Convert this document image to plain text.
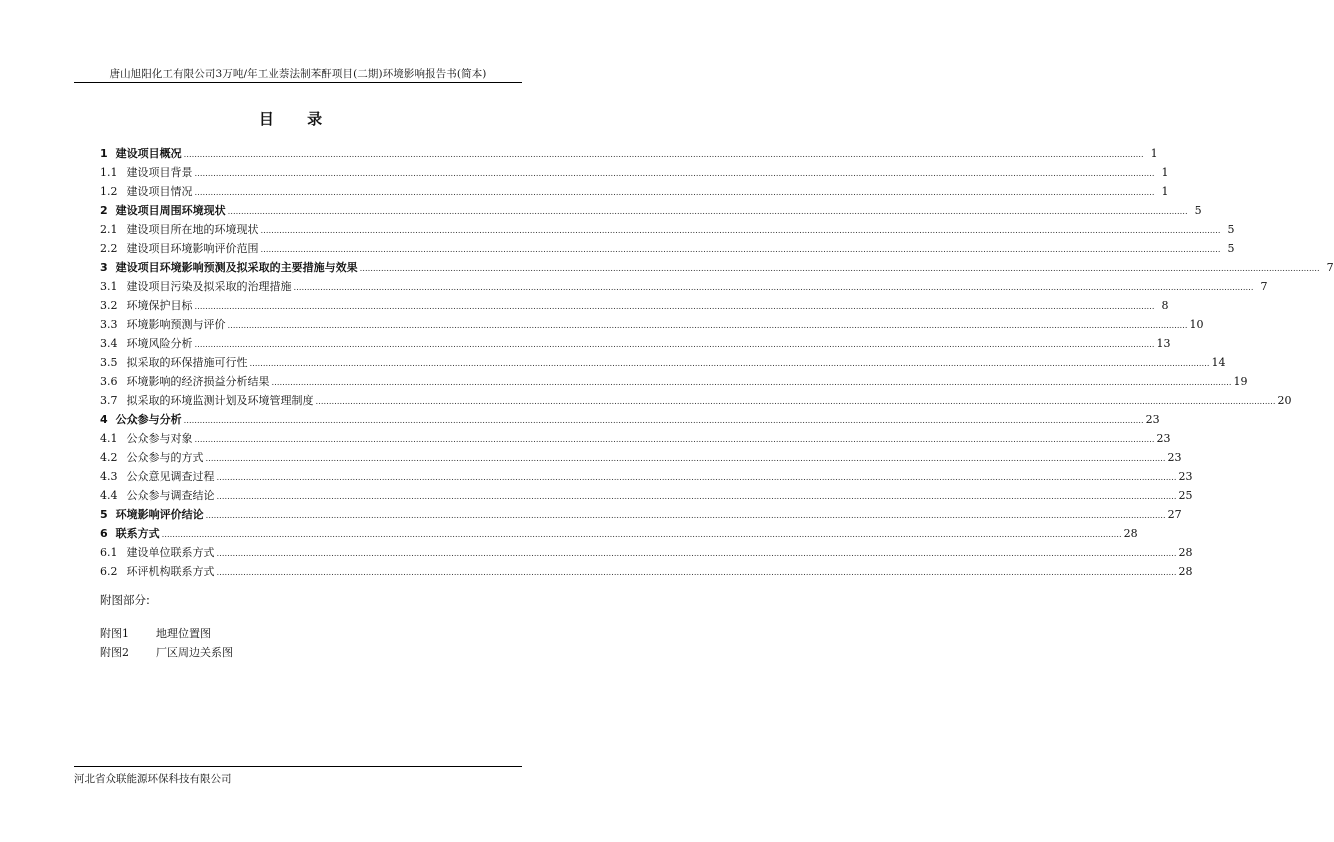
唐山旭阳化工有限公司3万吨/年工业萘法制苯酐项目(二期)环境影响报告书(简本)
目 录
1 建设项目概况 ……………………………………………………………………………………………………………………………………………………………………………………………………………………………………………………………………………………………………………………………… 1
1.1 建设项目背景 ……………………………………………………………………………………………………………………………………………………………………………………………………………………………………………………………………………………………………………………………… 1
1.2 建设项目情况 ……………………………………………………………………………………………………………………………………………………………………………………………………………………………………………………………………………………………………………………………… 1
2 建设项目周围环境现状 ……………………………………………………………………………………………………………………………………………………………………………………………………………………………………………………………………………………………………………………………… 5
2.1 建设项目所在地的环境现状 ……………………………………………………………………………………………………………………………………………………………………………………………………………………………………………………………………………………………………………………………… 5
2.2 建设项目环境影响评价范围 ……………………………………………………………………………………………………………………………………………………………………………………………………………………………………………………………………………………………………………………………… 5
3 建设项目环境影响预测及拟采取的主要措施与效果 ……………………………………………………………………………………………………………………………………………………………………………………………………………………………………………………………………………………………………………………………… 7
3.1 建设项目污染及拟采取的治理措施 ……………………………………………………………………………………………………………………………………………………………………………………………………………………………………………………………………………………………………………………………… 7
3.2 环境保护目标 ……………………………………………………………………………………………………………………………………………………………………………………………………………………………………………………………………………………………………………………………… 8
3.3 环境影响预测与评价 ……………………………………………………………………………………………………………………………………………………………………………………………………………………………………………………………………………………………………………………………… 10
3.4 环境风险分析 ……………………………………………………………………………………………………………………………………………………………………………………………………………………………………………………………………………………………………………………………… 13
3.5 拟采取的环保措施可行性 ……………………………………………………………………………………………………………………………………………………………………………………………………………………………………………………………………………………………………………………………… 14
3.6 环境影响的经济损益分析结果 ……………………………………………………………………………………………………………………………………………………………………………………………………………………………………………………………………………………………………………………………… 19
3.7 拟采取的环境监测计划及环境管理制度 ……………………………………………………………………………………………………………………………………………………………………………………………………………………………………………………………………………………………………………………………… 20
4 公众参与分析 ……………………………………………………………………………………………………………………………………………………………………………………………………………………………………………………………………………………………………………………………… 23
4.1 公众参与对象 ……………………………………………………………………………………………………………………………………………………………………………………………………………………………………………………………………………………………………………………………… 23
4.2 公众参与的方式 ……………………………………………………………………………………………………………………………………………………………………………………………………………………………………………………………………………………………………………………………… 23
4.3 公众意见调查过程 ……………………………………………………………………………………………………………………………………………………………………………………………………………………………………………………………………………………………………………………………… 23
4.4 公众参与调查结论 ……………………………………………………………………………………………………………………………………………………………………………………………………………………………………………………………………………………………………………………………… 25
5 环境影响评价结论 ……………………………………………………………………………………………………………………………………………………………………………………………………………………………………………………………………………………………………………………………… 27
6 联系方式 ……………………………………………………………………………………………………………………………………………………………………………………………………………………………………………………………………………………………………………………………… 28
6.1 建设单位联系方式 ……………………………………………………………………………………………………………………………………………………………………………………………………………………………………………………………………………………………………………………………… 28
6.2 环评机构联系方式 ……………………………………………………………………………………………………………………………………………………………………………………………………………………………………………………………………………………………………………………………… 28
附图部分:
附图1 地理位置图
附图2 厂区周边关系图
河北省众联能源环保科技有限公司
